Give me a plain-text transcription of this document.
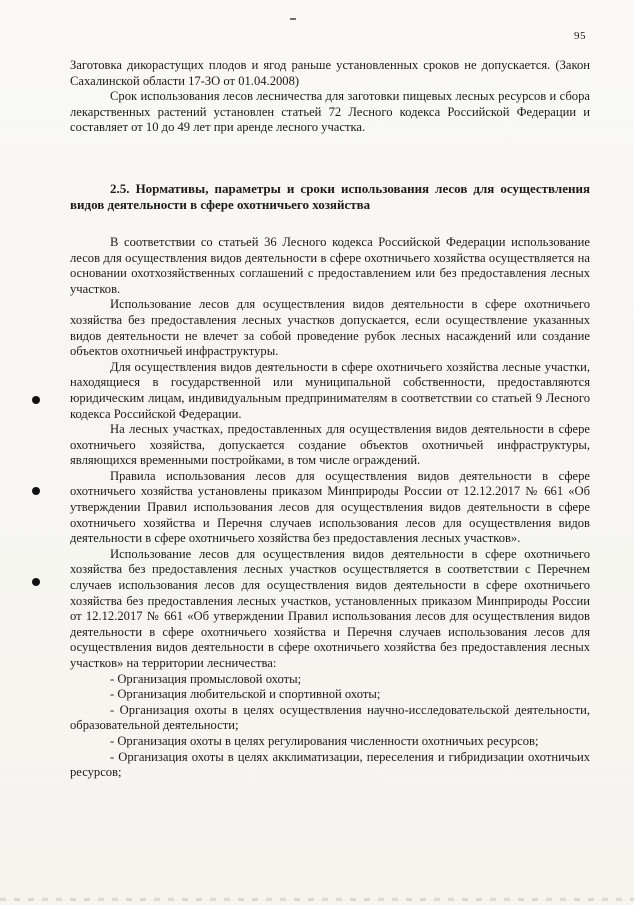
95

Заготовка дикорастущих плодов и ягод раньше установленных сроков не допускается. (Закон Сахалинской области 17-ЗО от 01.04.2008)

Срок использования лесов лесничества для заготовки пищевых лесных ресурсов и сбора лекарственных растений установлен статьей 72 Лесного кодекса Российской Федерации и составляет от 10 до 49 лет при аренде лесного участка.

2.5. Нормативы, параметры и сроки использования лесов для осуществления видов деятельности в сфере охотничьего хозяйства

В соответствии со статьей 36 Лесного кодекса Российской Федерации использование лесов для осуществления видов деятельности в сфере охотничьего хозяйства осуществляется на основании охотхозяйственных соглашений с предоставлением или без предоставления лесных участков.

Использование лесов для осуществления видов деятельности в сфере охотничьего хозяйства без предоставления лесных участков допускается, если осуществление указанных видов деятельности не влечет за собой проведение рубок лесных насаждений или создание объектов охотничьей инфраструктуры.

Для осуществления видов деятельности в сфере охотничьего хозяйства лесные участки, находящиеся в государственной или муниципальной собственности, предоставляются юридическим лицам, индивидуальным предпринимателям в соответствии со статьей 9 Лесного кодекса Российской Федерации.

На лесных участках, предоставленных для осуществления видов деятельности в сфере охотничьего хозяйства, допускается создание объектов охотничьей инфраструктуры, являющихся временными постройками, в том числе ограждений.

Правила использования лесов для осуществления видов деятельности в сфере охотничьего хозяйства установлены приказом Минприроды России от 12.12.2017 № 661 «Об утверждении Правил использования лесов для осуществления видов деятельности в сфере охотничьего хозяйства и Перечня случаев использования лесов для осуществления видов деятельности в сфере охотничьего хозяйства без предоставления лесных участков».

Использование лесов для осуществления видов деятельности в сфере охотничьего хозяйства без предоставления лесных участков осуществляется в соответствии с Перечнем случаев использования лесов для осуществления видов деятельности в сфере охотничьего хозяйства без предоставления лесных участков, установленных приказом Минприроды России от 12.12.2017 № 661 «Об утверждении Правил использования лесов для осуществления видов деятельности в сфере охотничьего хозяйства и Перечня случаев использования лесов для осуществления видов деятельности в сфере охотничьего хозяйства без предоставления лесных участков» на территории лесничества:

- Организация промысловой охоты;

- Организация любительской и спортивной охоты;

- Организация охоты в целях осуществления научно-исследовательской деятельности, образовательной деятельности;

- Организация охоты в целях регулирования численности охотничьих ресурсов;

- Организация охоты в целях акклиматизации, переселения и гибридизации охотничьих ресурсов;
